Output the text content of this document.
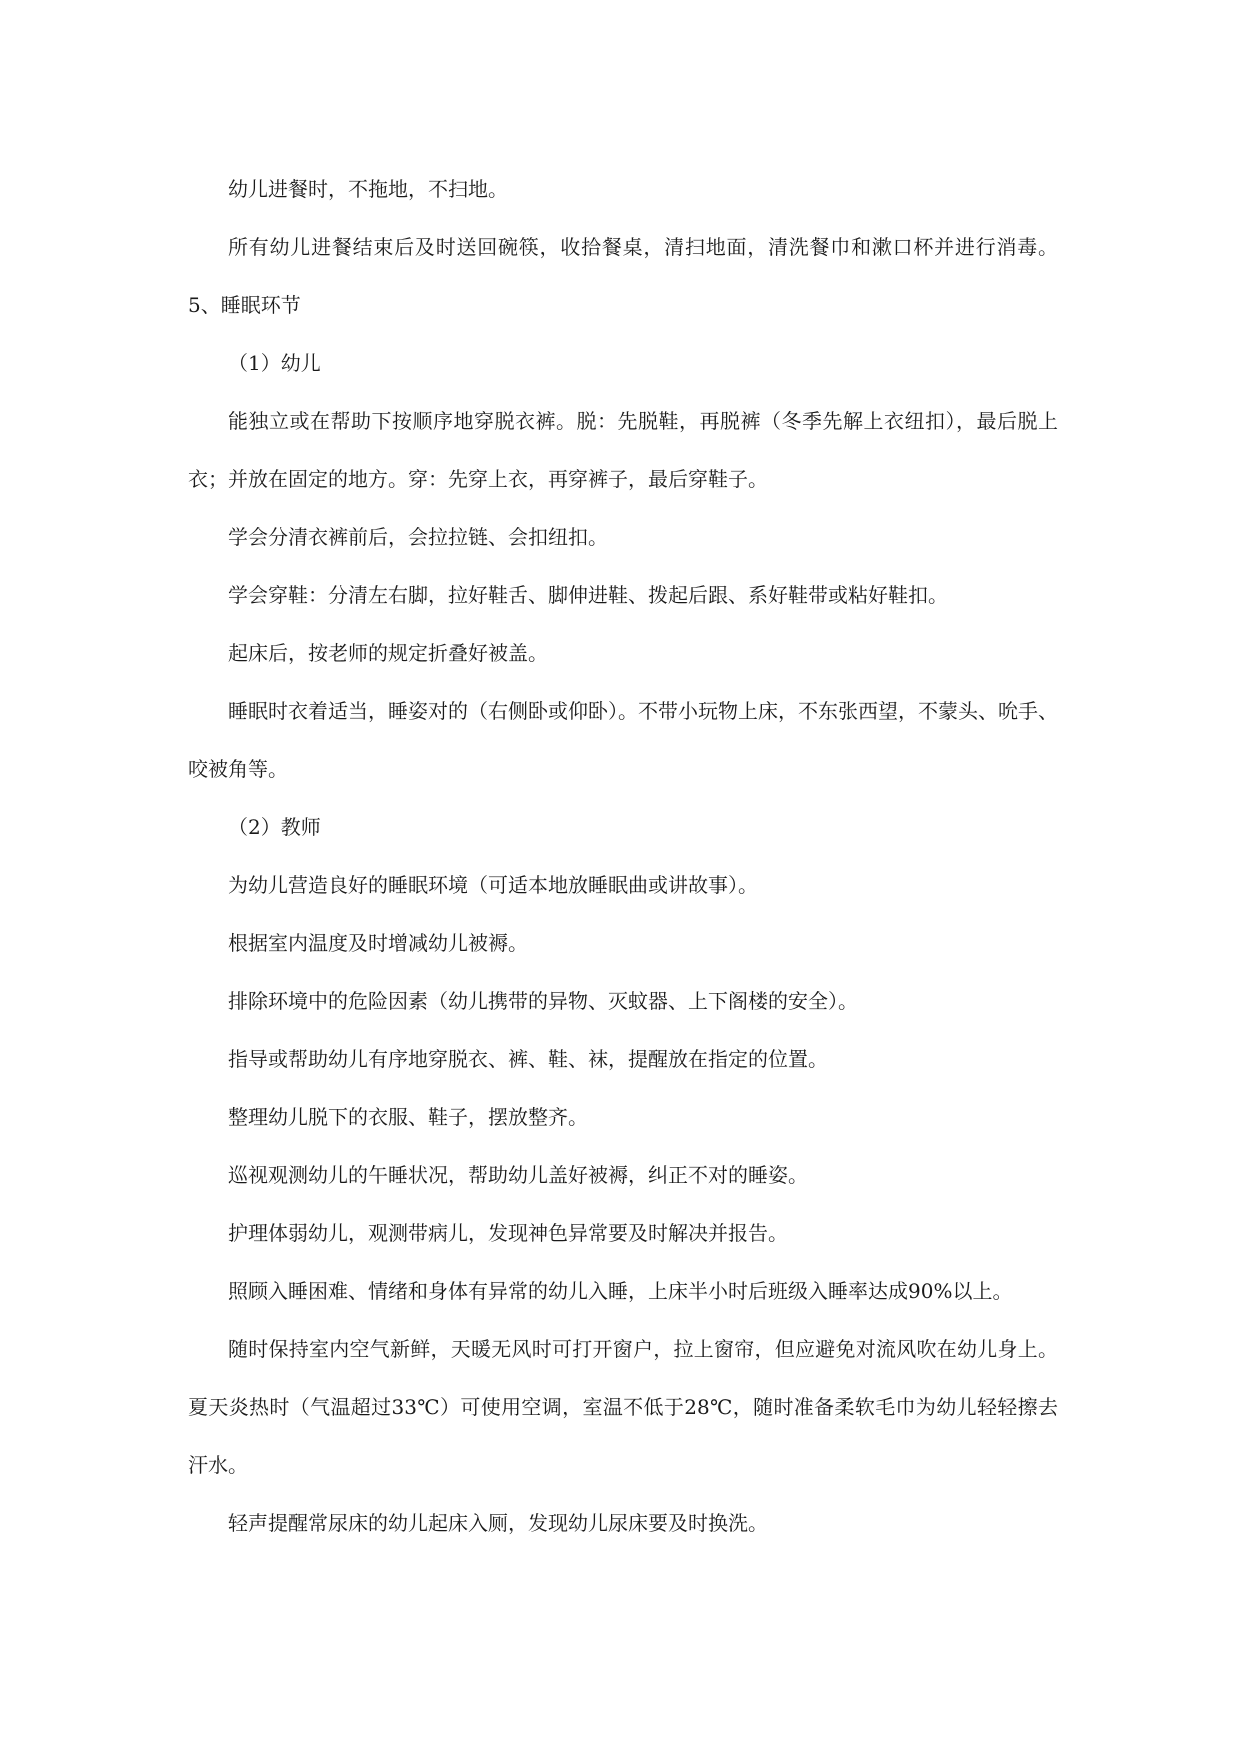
幼儿进餐时，不拖地，不扫地。

所有幼儿进餐结束后及时送回碗筷，收拾餐桌，清扫地面，清洗餐巾和漱口杯并进行消毒。5、睡眠环节

（1）幼儿

能独立或在帮助下按顺序地穿脱衣裤。脱：先脱鞋，再脱裤（冬季先解上衣纽扣），最后脱上衣；并放在固定的地方。穿：先穿上衣，再穿裤子，最后穿鞋子。

学会分清衣裤前后，会拉拉链、会扣纽扣。

学会穿鞋：分清左右脚，拉好鞋舌、脚伸进鞋、拨起后跟、系好鞋带或粘好鞋扣。

起床后，按老师的规定折叠好被盖。

睡眠时衣着适当，睡姿对的（右侧卧或仰卧）。不带小玩物上床，不东张西望，不蒙头、吮手、咬被角等。

（2）教师

为幼儿营造良好的睡眠环境（可适本地放睡眠曲或讲故事）。

根据室内温度及时增减幼儿被褥。

排除环境中的危险因素（幼儿携带的异物、灭蚊器、上下阁楼的安全）。

指导或帮助幼儿有序地穿脱衣、裤、鞋、袜，提醒放在指定的位置。

整理幼儿脱下的衣服、鞋子，摆放整齐。

巡视观测幼儿的午睡状况，帮助幼儿盖好被褥，纠正不对的睡姿。

护理体弱幼儿，观测带病儿，发现神色异常要及时解决并报告。

照顾入睡困难、情绪和身体有异常的幼儿入睡，上床半小时后班级入睡率达成90%以上。

随时保持室内空气新鲜，天暖无风时可打开窗户，拉上窗帘，但应避免对流风吹在幼儿身上。夏天炎热时（气温超过33℃）可使用空调，室温不低于28℃，随时准备柔软毛巾为幼儿轻轻擦去汗水。

轻声提醒常尿床的幼儿起床入厕，发现幼儿尿床要及时换洗。
